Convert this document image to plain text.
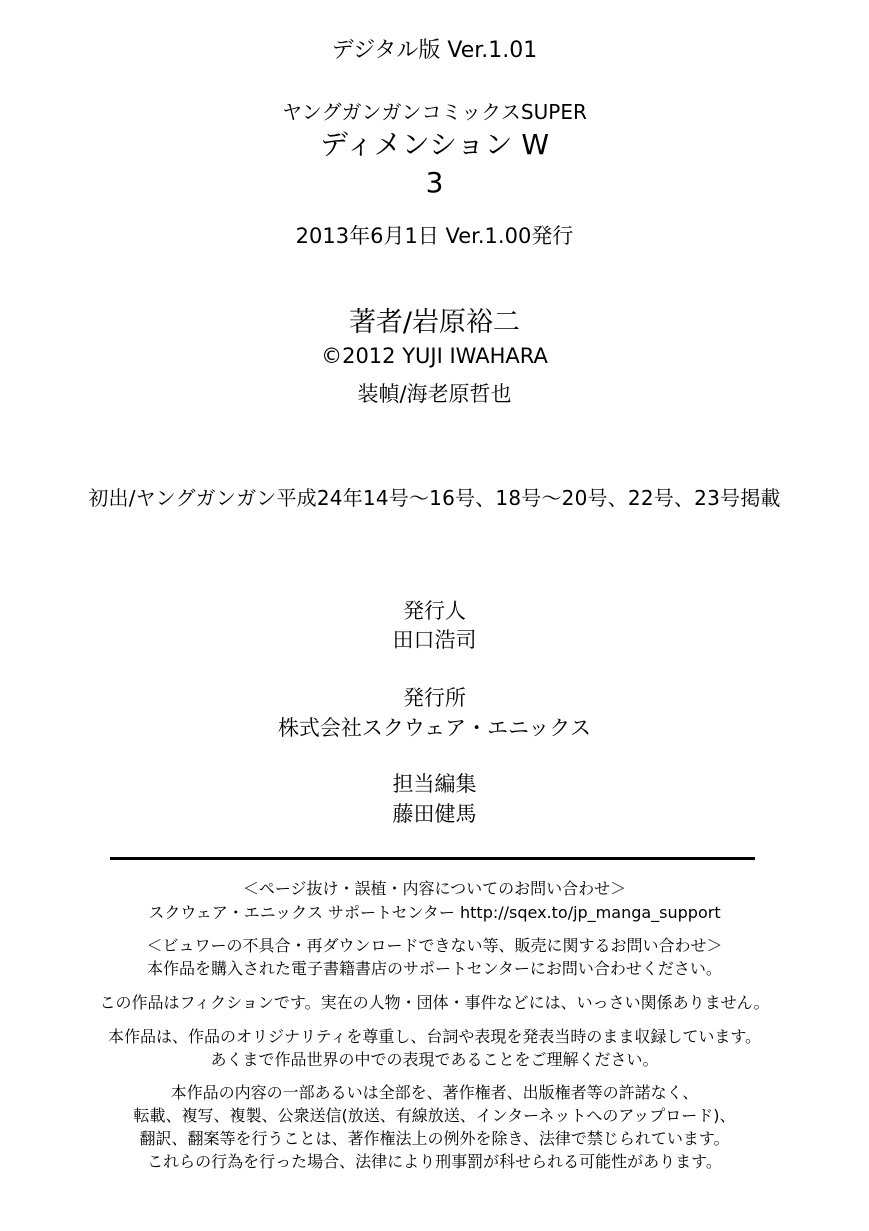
デジタル版 Ver.1.01
ヤングガンガンコミックスSUPER
ディメンション W
3
2013年6月1日 Ver.1.00発行
著者/岩原裕二
©2012 YUJI IWAHARA
装幀/海老原哲也
初出/ヤングガンガン平成24年14号〜16号、18号〜20号、22号、23号掲載
発行人
田口浩司
発行所
株式会社スクウェア・エニックス
担当編集
藤田健馬
＜ページ抜け・誤植・内容についてのお問い合わせ＞
スクウェア・エニックス サポートセンター http://sqex.to/jp_manga_support
＜ビュワーの不具合・再ダウンロードできない等、販売に関するお問い合わせ＞
本作品を購入された電子書籍書店のサポートセンターにお問い合わせください。
この作品はフィクションです。実在の人物・団体・事件などには、いっさい関係ありません。
本作品は、作品のオリジナリティを尊重し、台詞や表現を発表当時のまま収録しています。
あくまで作品世界の中での表現であることをご理解ください。
本作品の内容の一部あるいは全部を、著作権者、出版権者等の許諾なく、
転載、複写、複製、公衆送信(放送、有線放送、インターネットへのアップロード)、
翻訳、翻案等を行うことは、著作権法上の例外を除き、法律で禁じられています。
これらの行為を行った場合、法律により刑事罰が科せられる可能性があります。
